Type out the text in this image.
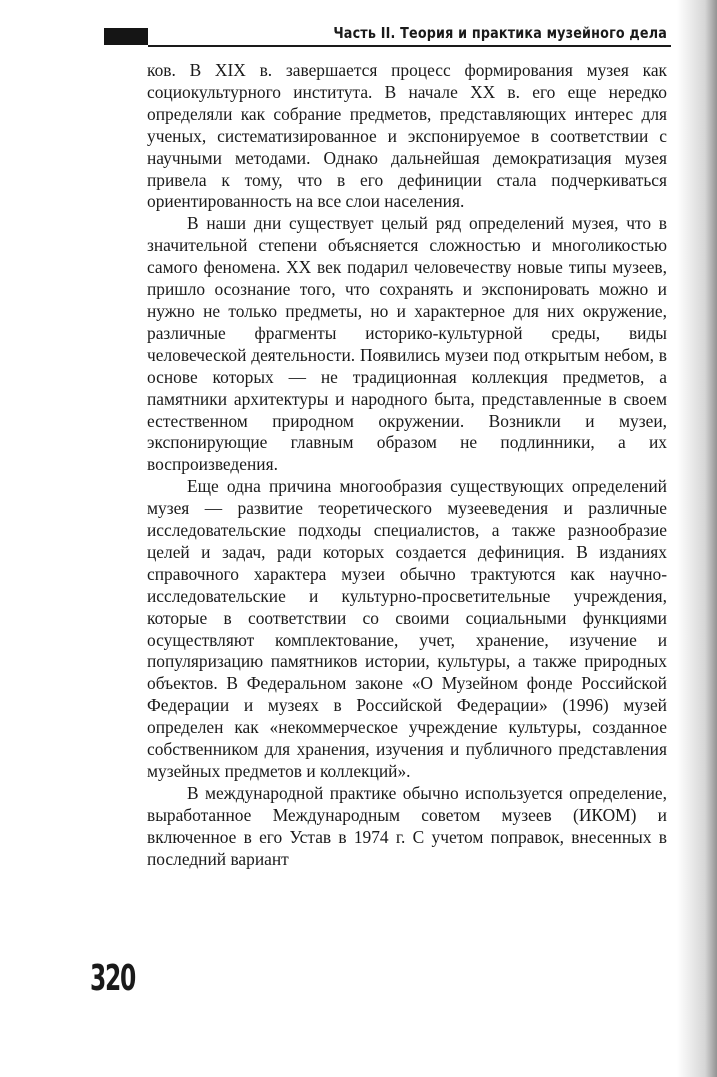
Часть II. Теория и практика музейного дела

ков. В XIX в. завершается процесс формирования музея как социокультурного института. В начале XX в. его еще нередко определяли как собрание предметов, представляющих интерес для ученых, систематизированное и экспонируемое в соответствии с научными методами. Однако дальнейшая демократизация музея привела к тому, что в его дефиниции стала подчеркиваться ориентированность на все слои населения.

В наши дни существует целый ряд определений музея, что в значительной степени объясняется сложностью и многоликостью самого феномена. XX век подарил человечеству новые типы музеев, пришло осознание того, что сохранять и экспонировать можно и нужно не только предметы, но и характерное для них окружение, различные фрагменты историко-культурной среды, виды человеческой деятельности. Появились музеи под открытым небом, в основе которых — не традиционная коллекция предметов, а памятники архитектуры и народного быта, представленные в своем естественном природном окружении. Возникли и музеи, экспонирующие главным образом не подлинники, а их воспроизведения.

Еще одна причина многообразия существующих определений музея — развитие теоретического музееведения и различные исследовательские подходы специалистов, а также разнообразие целей и задач, ради которых создается дефиниция. В изданиях справочного характера музеи обычно трактуются как научно-исследовательские и культурно-просветительные учреждения, которые в соответствии со своими социальными функциями осуществляют комплектование, учет, хранение, изучение и популяризацию памятников истории, культуры, а также природных объектов. В Федеральном законе «О Музейном фонде Российской Федерации и музеях в Российской Федерации» (1996) музей определен как «некоммерческое учреждение культуры, созданное собственником для хранения, изучения и публичного представления музейных предметов и коллекций».

В международной практике обычно используется определение, выработанное Международным советом музеев (ИКОМ) и включенное в его Устав в 1974 г. С учетом поправок, внесенных в последний вариант

320
